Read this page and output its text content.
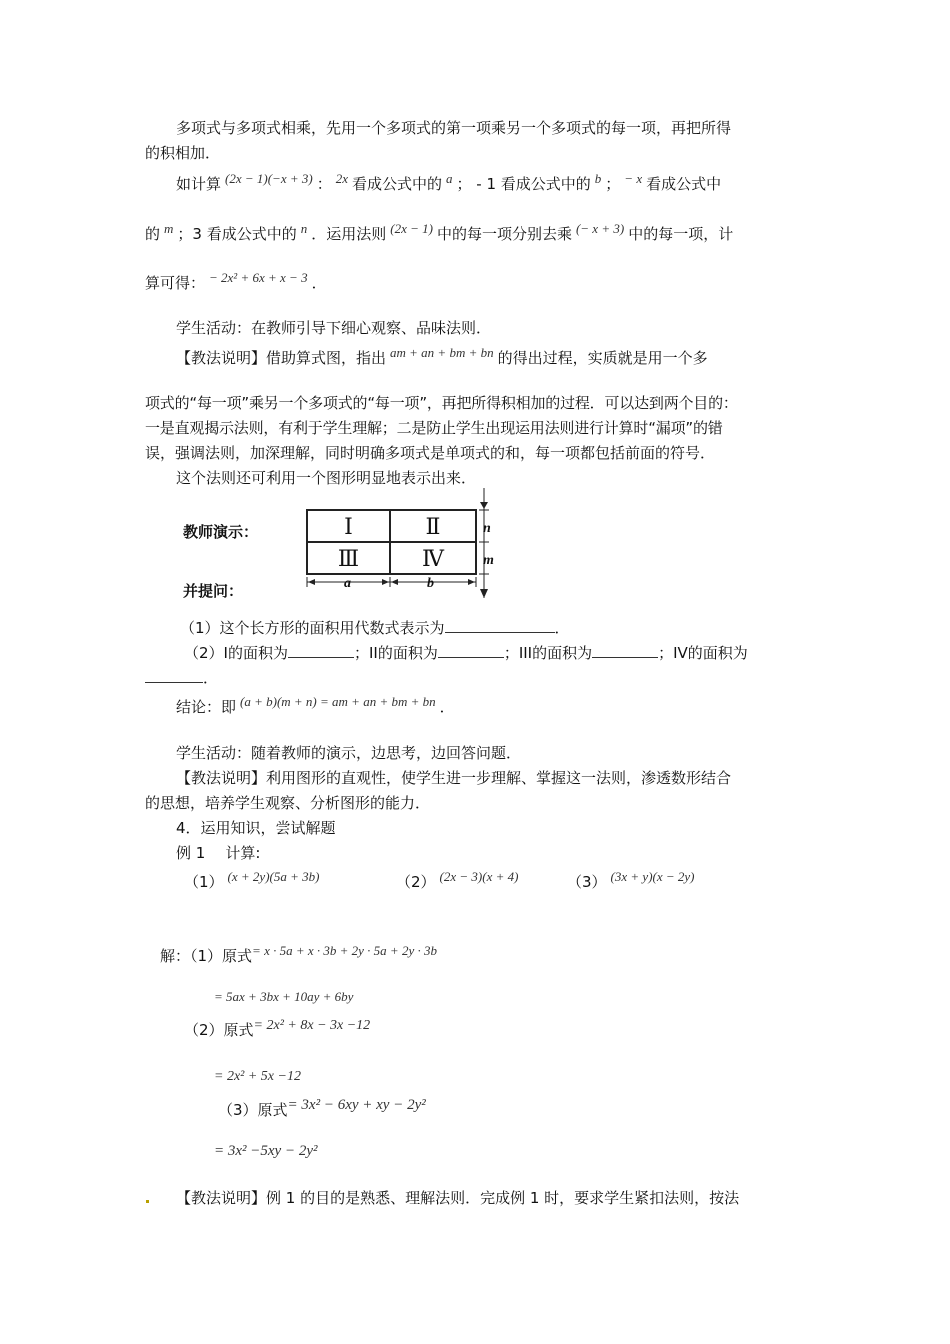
多项式与多项式相乘，先用一个多项式的第一项乘另一个多项式的每一项，再把所得
的积相加．
如计算 (2x − 1)(−x + 3) ： 2x 看成公式中的 a ； - 1 看成公式中的 b ； − x 看成公式中
的 m ；3 看成公式中的 n ．运用法则 (2x − 1) 中的每一项分别去乘 (− x + 3) 中的每一项，计
算可得： − 2x² + 6x + x − 3 ．
学生活动：在教师引导下细心观察、品味法则．
【教法说明】借助算式图，指出 am + an + bm + bn 的得出过程，实质就是用一个多
项式的“每一项”乘另一个多项式的“每一项”，再把所得积相加的过程．可以达到两个目的：
一是直观揭示法则，有利于学生理解；二是防止学生出现运用法则进行计算时“漏项”的错
误，强调法则，加深理解，同时明确多项式是单项式的和，每一项都包括前面的符号．
这个法则还可利用一个图形明显地表示出来．
教师演示：
并提问：
Ⅰ	Ⅱ
Ⅲ	Ⅳ
n
m
a	b
（1）这个长方形的面积用代数式表示为	．
（2）I的面积为	；II的面积为	；III的面积为	；IV的面积为
．
结论：即 (a + b)(m + n) = am + an + bm + bn ．
学生活动：随着教师的演示，边思考，边回答问题．
【教法说明】利用图形的直观性，使学生进一步理解、掌握这一法则，渗透数形结合
的思想，培养学生观察、分析图形的能力．
4．运用知识，尝试解题
例 1 计算:
（1） (x + 2y)(5a + 3b)	（2） (2x − 3)(x + 4)	（3） (3x + y)(x − 2y)
解：（1）原式= x · 5a + x · 3b + 2y · 5a + 2y · 3b
= 5ax + 3bx + 10ay + 6by
（2）原式= 2x² + 8x − 3x −12
= 2x² + 5x −12
（3）原式= 3x² − 6xy + xy − 2y²
= 3x² −5xy − 2y²
【教法说明】例 1 的目的是熟悉、理解法则．完成例 1 时，要求学生紧扣法则，按法
